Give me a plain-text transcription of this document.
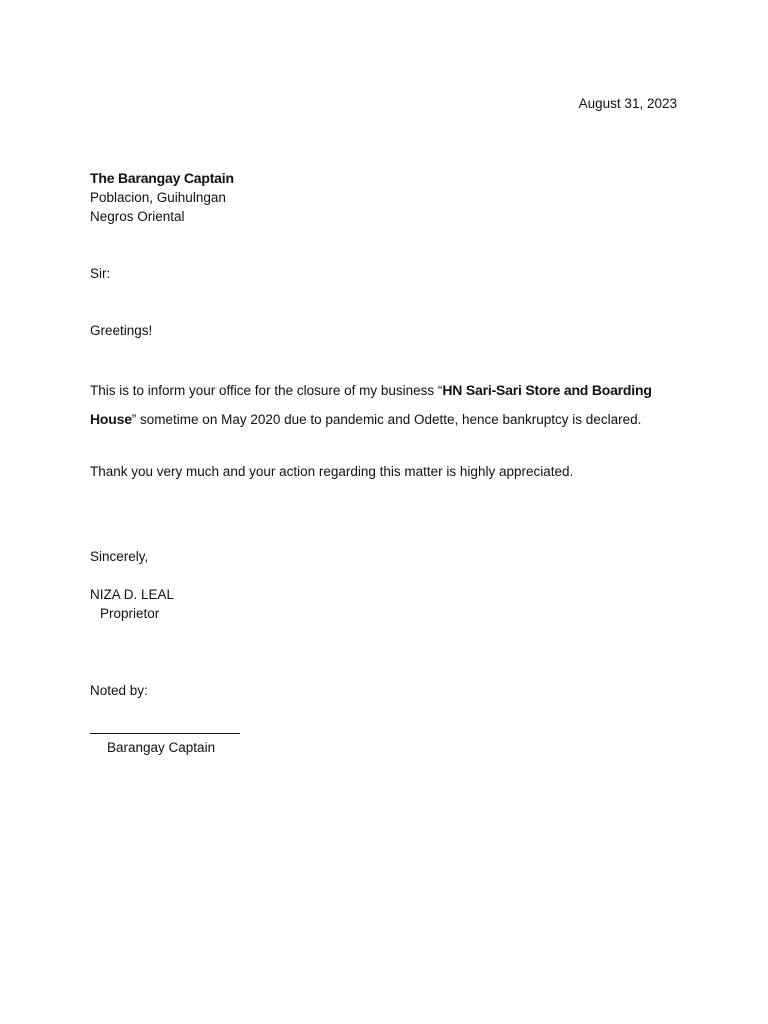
August 31, 2023
The Barangay Captain
Poblacion, Guihulngan
Negros Oriental
Sir:
Greetings!
This is to inform your office for the closure of my business “HN Sari-Sari Store and Boarding House” sometime on May 2020 due to pandemic and Odette, hence bankruptcy is declared.
Thank you very much and your action regarding this matter is highly appreciated.
Sincerely,
NIZA D. LEAL
Proprietor
Noted by:
Barangay Captain
